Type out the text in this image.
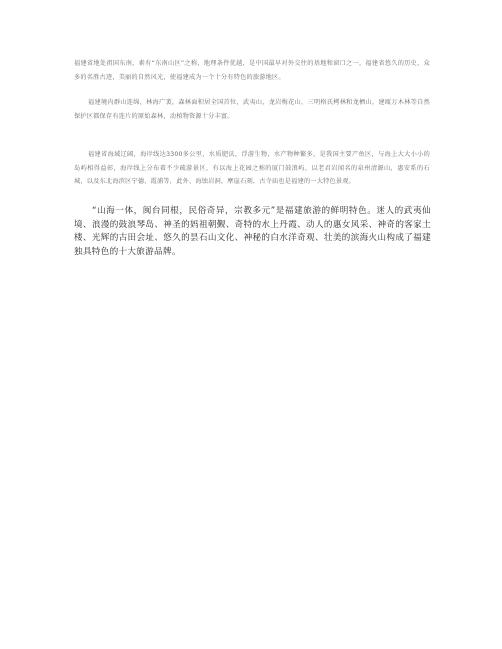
福建省地处祖国东南，素有“东南山区”之称，地理条件优越，是中国最早对外交往的基地和窗口之一，福建省悠久的历史，众多的名胜古迹，美丽的自然风光，使福建成为一个十分有特色的旅游地区。

福建境内群山连绵，林海广袤，森林面积居全国首位，武夷山，龙岩梅花山，三明格氏栲林和龙栖山，建瓯万木林等自然保护区都保存有连片的原始森林，动植物资源十分丰富。

福建省海域辽阔，海岸线达3300多公里，水质肥沃，浮游生物，水产物种繁多，是我国主要产鱼区，与海上大大小小的岛屿相得益彰，海岸线上分布着不少疏游景区，有以海上花园之称的厦门鼓浪屿，以老君岩闻名的泉州清源山，惠安系的石城，以及东北海滨区宁德，霞浦等，此外，海蚀岩洞，摩崖石刻，古寺庙也是福建的一大特色景观。

“山海一体，闽台同根，民俗奇异，宗教多元”是福建旅游的鲜明特色。迷人的武夷仙境、浪漫的鼓浪琴岛、神圣的妈祖朝觐、奇特的水上丹霞、动人的惠女风采、神奇的客家土楼、光辉的古田会址、悠久的昙石山文化、神秘的白水洋奇观、壮美的滨海火山构成了福建独具特色的十大旅游品牌。
